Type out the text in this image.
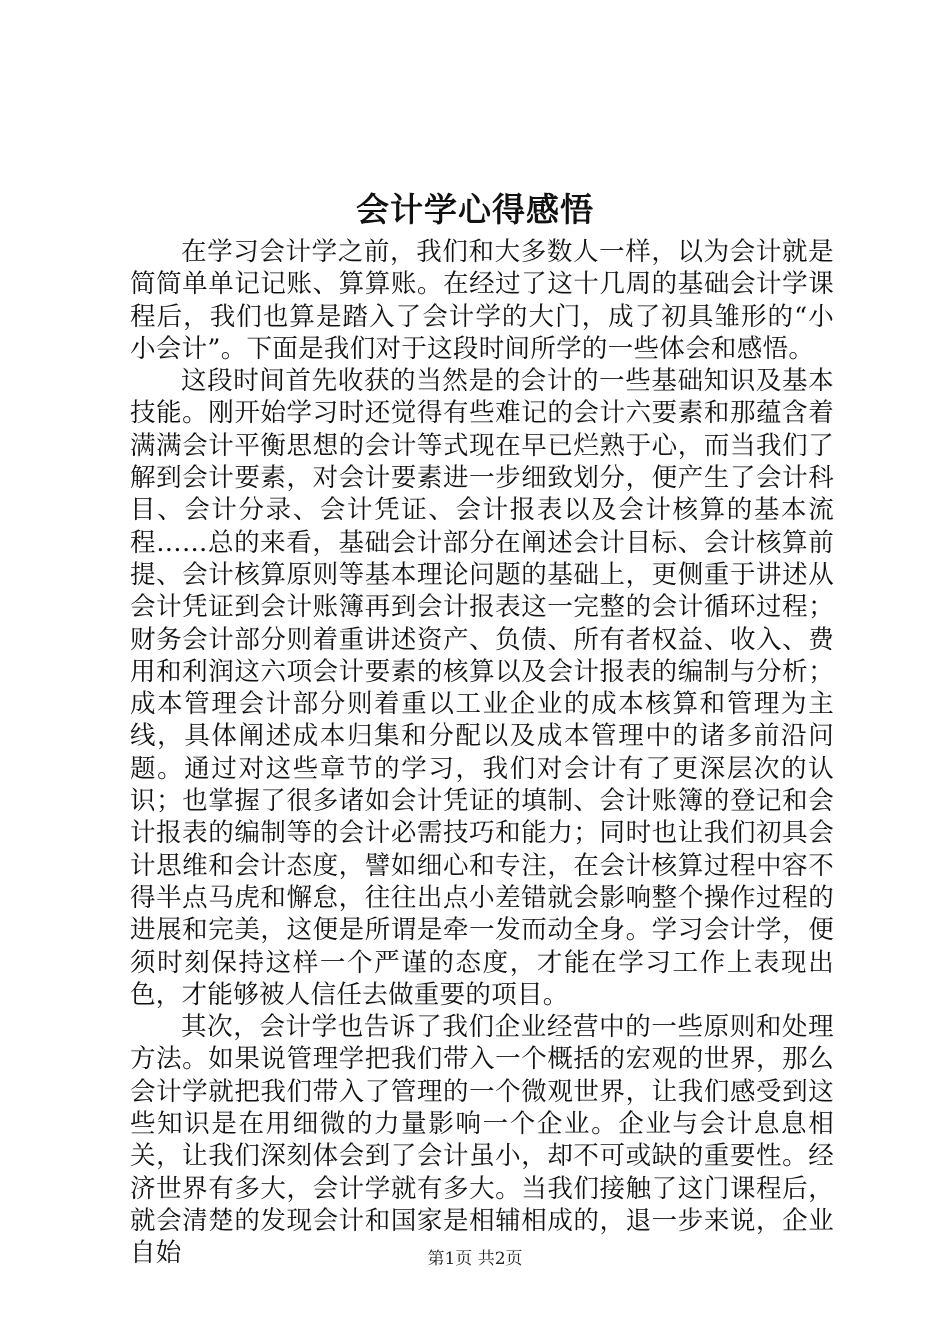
会计学心得感悟

在学习会计学之前，我们和大多数人一样，以为会计就是简简单单记记账、算算账。在经过了这十几周的基础会计学课程后，我们也算是踏入了会计学的大门，成了初具雏形的“小小会计”。下面是我们对于这段时间所学的一些体会和感悟。

这段时间首先收获的当然是的会计的一些基础知识及基本技能。刚开始学习时还觉得有些难记的会计六要素和那蕴含着满满会计平衡思想的会计等式现在早已烂熟于心，而当我们了解到会计要素，对会计要素进一步细致划分，便产生了会计科目、会计分录、会计凭证、会计报表以及会计核算的基本流程……总的来看，基础会计部分在阐述会计目标、会计核算前提、会计核算原则等基本理论问题的基础上，更侧重于讲述从会计凭证到会计账簿再到会计报表这一完整的会计循环过程；财务会计部分则着重讲述资产、负债、所有者权益、收入、费用和利润这六项会计要素的核算以及会计报表的编制与分析；成本管理会计部分则着重以工业企业的成本核算和管理为主线，具体阐述成本归集和分配以及成本管理中的诸多前沿问题。通过对这些章节的学习，我们对会计有了更深层次的认识；也掌握了很多诸如会计凭证的填制、会计账簿的登记和会计报表的编制等的会计必需技巧和能力；同时也让我们初具会计思维和会计态度，譬如细心和专注，在会计核算过程中容不得半点马虎和懈怠，往往出点小差错就会影响整个操作过程的进展和完美，这便是所谓是牵一发而动全身。学习会计学，便须时刻保持这样一个严谨的态度，才能在学习工作上表现出色，才能够被人信任去做重要的项目。

其次，会计学也告诉了我们企业经营中的一些原则和处理方法。如果说管理学把我们带入一个概括的宏观的世界，那么会计学就把我们带入了管理的一个微观世界，让我们感受到这些知识是在用细微的力量影响一个企业。企业与会计息息相关，让我们深刻体会到了会计虽小，却不可或缺的重要性。经济世界有多大，会计学就有多大。当我们接触了这门课程后，就会清楚的发现会计和国家是相辅相成的，退一步来说，企业自始	第1页 共2页
